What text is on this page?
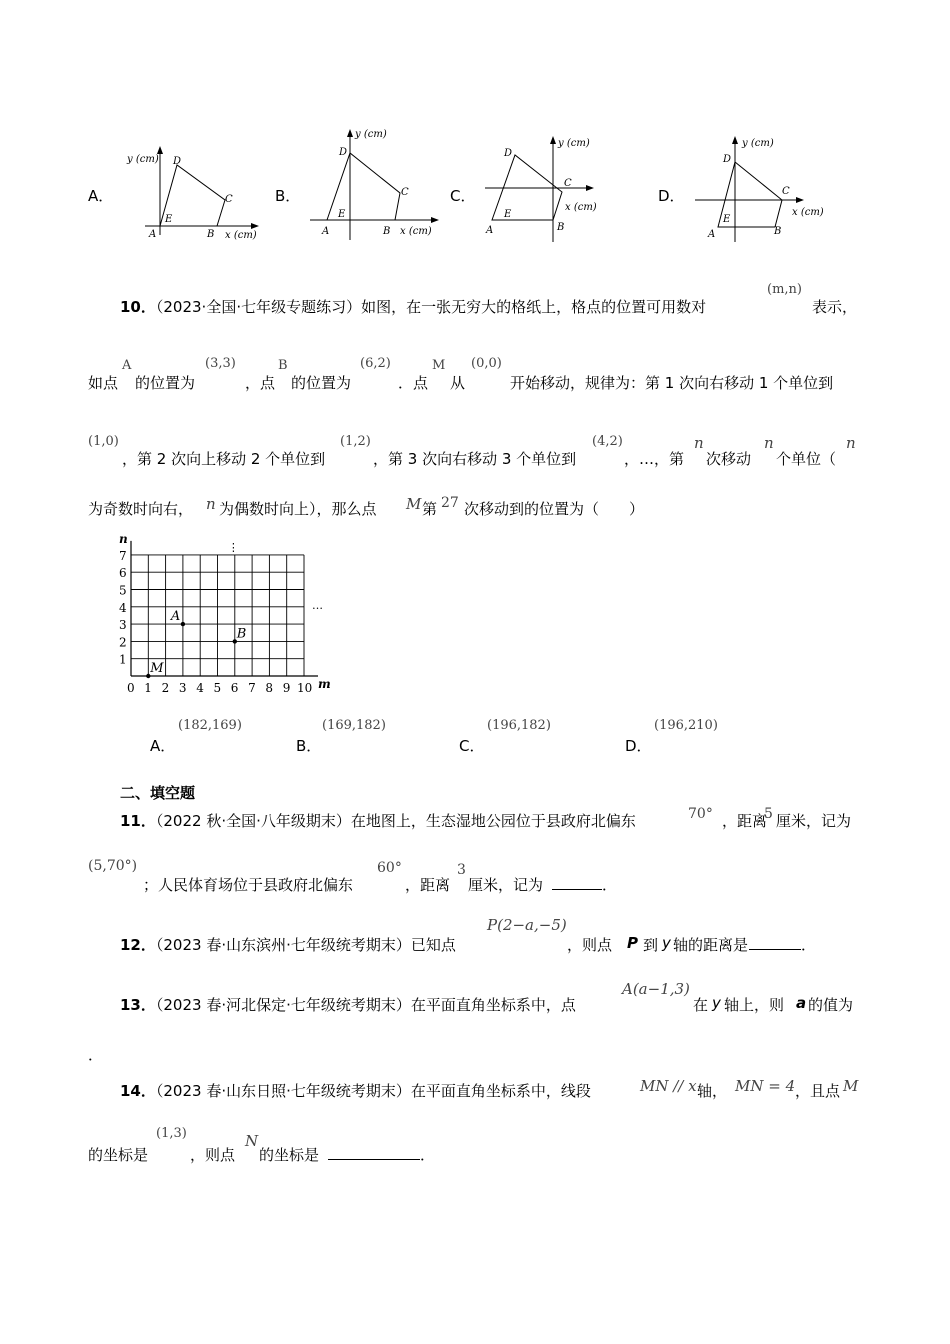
A．
y (cm)
x (cm)
D
C
E
A	B
B．
y (cm)
x (cm)
D
C
E
A	B
C．
y (cm)
x (cm)
D
C
E
A	B
D．
y (cm)
x (cm)
D
C
E
A	B
10．（2023·全国·七年级专题练习）如图，在一张无穷大的格纸上，格点的位置可用数对
(m,n)
表示，
如点
A
的位置为
(3,3)
，点
B
的位置为
(6,2)
．点
M
从
(0,0)
开始移动，规律为：第 1 次向右移动 1 个单位到
(1,0)
，第 2 次向上移动 2 个单位到
(1,2)
，第 3 次向右移动 3 个单位到
(4,2)
，…，第
n
次移动
n
个单位（
n
为奇数时向右， n 为偶数时向上），那么点 M 第 27 次移动到的位置为（　　）
0 1 2 3 4 5 6 7 8 9 10
1
2
3
4
5
6
7
n
m
⋮
…
A
B
M
A．
(182,169)
B．
(169,182)
C．
(196,182)
D．
(196,210)
二、填空题
11．（2022 秋·全国·八年级期末）在地图上，生态湿地公园位于县政府北偏东	70° ，距离
5 厘米，记为
(5,70°)
；人民体育场位于县政府北偏东
60°
，距离
3
厘米，记为	．
12．（2023 春·山东滨州·七年级统考期末）已知点
P(2−a,−5)
，则点 P 到 y 轴的距离是	．
13．（2023 春·河北保定·七年级统考期末）在平面直角坐标系中，点
A(a−1,3)
在 y 轴上，则 a 的值为
．
14．（2023 春·山东日照·七年级统考期末）在平面直角坐标系中，线段	MN // x 轴， MN = 4 ，且点 M
的坐标是
(1,3)
，则点
N
的坐标是	．
